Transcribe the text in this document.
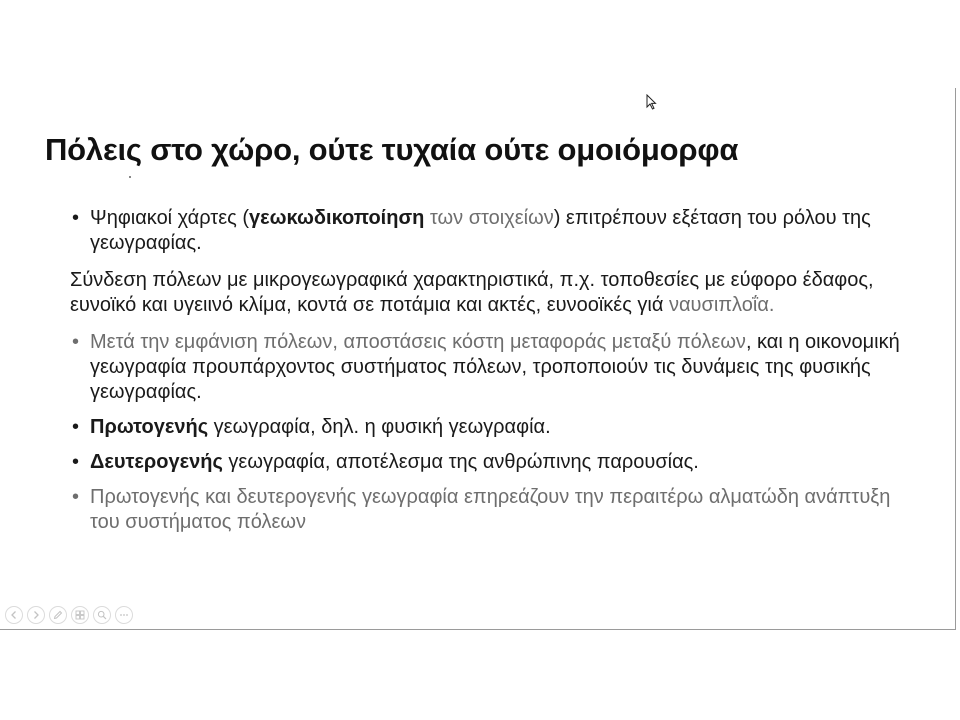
Πόλεις στο χώρο, ούτε τυχαία ούτε ομοιόμορφα
• Ψηφιακοί χάρτες (γεωκωδικοποίηση των στοιχείων) επιτρέπουν εξέταση του ρόλου της γεωγραφίας.
Σύνδεση πόλεων με μικρογεωγραφικά χαρακτηριστικά, π.χ. τοποθεσίες με εύφορο έδαφος, ευνοϊκό και υγειινό κλίμα, κοντά σε ποτάμια και ακτές, ευνοοϊκές γιά ναυσιπλοΐα.
• Μετά την εμφάνιση πόλεων, αποστάσεις κόστη μεταφοράς μεταξύ πόλεων, και η οικονομική γεωγραφία προυπάρχοντος συστήματος πόλεων, τροποποιούν τις δυνάμεις της φυσικής γεωγραφίας.
• Πρωτογενής γεωγραφία, δηλ. η φυσική γεωγραφία.
• Δευτερογενής γεωγραφία, αποτέλεσμα της ανθρώπινης παρουσίας.
• Πρωτογενής και δευτερογενής γεωγραφία επηρεάζουν την περαιτέρω αλματώδη ανάπτυξη του συστήματος πόλεων
